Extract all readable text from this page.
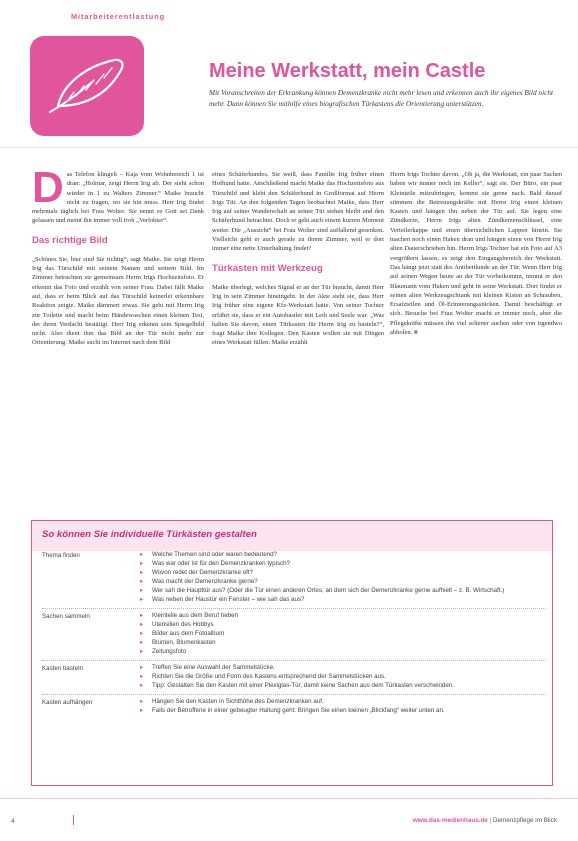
Mitarbeiterentlastung
Meine Werkstatt, mein Castle

Mit Voranschreiten der Erkrankung können Demenzkranke nicht mehr lesen und erkennen auch ihr eigenes Bild nicht mehr. Dann können Sie mithilfe eines biografischen Türkastens die Orientierung unterstützen.

D as Telefon klingelt – Kaja vom Wohnbereich 1 ist dran: „Holmar, zeigt Herrn Irig ab. Der sieht schon wieder in 1 zu Walters Zimmer.“ Maike braucht nicht zu fragen, wo sie hin muss. Herr Irig findet mehrmals täglich bei Frau Wolter. Sie nennt es Gott sei Dank gelassen und meint ihn immer voll froh „Verlobter“.

Das richtige Bild

„Schönes Sie, hier sind Sie richtig“, sagt Maike. Sie zeigt Herrn Irig das Türschild mit seinem Namen und seinem Bild. Im Zimmer betrachten sie gemeinsam Herrn Irigs Hochzeitsfoto. Er erkennt das Foto und erzählt von seiner Frau. Dabei fällt Maike auf, dass er beim Blick auf das Türschild keinerlei erkennbare Reaktion zeigte. Maike dämmert etwas. Sie geht mit Herrn Irig zur Toilette und macht beim Händewaschen einen kleinen Test, der ihren Verdacht bestätigt. Herr Irig erkennt sein Spiegelbild nicht. Also dient ihm das Bild an der Tür nicht mehr zur Orientierung. Maike sucht im Internet nach dem Bild

eines Schäferhundes. Sie weiß, dass Familie Irig früher einen Hofhund hatte. Anschließend macht Maike das Hochzeitsfoto aus Türschild und klebt den Schäferhund in Großformat auf Herrn Irigs Tür. An den folgenden Tagen beobachtet Maike, dass Herr Irig auf seiner Wanderschaft an seiner Tür stehen bleibt und den Schäferhund betrachtet. Doch er geht auch einem kurzen Moment weiter. Die „Aussicht“ bei Frau Wolter sind auffallend gesenken. Vielleicht geht er auch gerade zu ihrem Zimmer, weil er dort immer eine nette Unterhaltung findet?

Türkasten mit Werkzeug

Maike überlegt, welches Signal er an der Tür braucht, damit Herr Irig in sein Zimmer hineingeht. In der Akte sieht sie, dass Herr Irig früher eine eigene Kfz-Werkstatt hatte. Von seiner Tochter erfährt sie, dass er ein Autobastler mit Leib und Seele war. „Was halten Sie davon, einen Türkasten für Herrn Irig zu basteln?“, fragt Maike ihre Kollegen. Den Kasten wollen sie mit Dingen eines Werkstatt füllen. Maike erzählt

Herrn Irigs Tochter davon. „Oh ja, die Werkstatt, ein paar Sachen haben wir immer noch im Keller“, sagt sie. Der Büro, ein paar Kleinteile mitzubringen, kommt sie gerne nach. Bald darauf stimmen die Betreuungskräfte mit Herrn Irig einen kleinen Kasten und hängen ihn neben der Tür auf. Sie legen eine Zündkerze, Herrn Irigs alten Zündkerzenschlüssel, eine Verteilerkappe und einen übersichtlichen Lappen hinein. Sie machen noch einen Haken dran und hängen einen von Herrn Irig alten Dauerschrieben hin. Herrn Irigs Tochter hat ein Foto auf A3 vergrößern lassen, es zeigt den Eingangsbereich der Werkstatt. Das hängt jetzt statt des Antibettlunde an der Tür. Wenn Herr Irig auf seinen Wegen heute an der Tür vorbeikommt, nimmt er den Blaumann vom Haken und geht in seine Werkstatt. Dort findet er seinen alten Werkzeugschrank mit kleinen Kisten an Schrauben, Ersatzteilen und Öl-Erinnerungsstücken. Damit beschäftigt er sich. Besuche bei Frau Wolter macht er immer noch, aber die Pflegekräfte müssen ihn viel seltener suchen oder von irgendwo abholen. ■

So können Sie individuelle Türkästen gestalten
Thema finden	▸ Welche Themen sind oder waren bedeutend?
▸ Was war oder ist für den Demenzkranken typisch?
▸ Wovon redet der Demenzkranke oft?
▸ Was macht der Demenzkranke gerne?
▸ Wer sah die Haupttür aus? (Oder die Tür einen anderen Ortes, an dem sich der Demenzkranke gerne aufhielt – z. B. Wirtschaft.)
▸ Was neben der Haustür ein Fenster – wie sah das aus?
Sachen sammeln	▸ Kleinteile aus dem Beruf heben
▸ Utensilien des Hobbys
▸ Bilder aus dem Fotoalbum
▸ Blumen, Blumenkasten
▸ Zeitungsfoto
Kasten basteln	▸ Treffen Sie eine Auswahl der Sammelstücke.
▸ Richten Sie die Größe und Form des Kastens entsprechend der Sammelstücken aus.
▸ Tipp: Gestalten Sie den Kasten mit einer Plexiglas-Tür, damit keine Sachen aus dem Türkasten verschwinden.
Kasten aufhängen	▸ Hängen Sie den Kasten in Sichthöhe des Demenzkranken auf.
▸ Falls der Betroffene in einer gebeugter Haltung geht: Bringen Sie einen kleinen „Blickfang“ weiter unten an.
4	www.das-medienhaus.de | Demenzpflege im Blick
